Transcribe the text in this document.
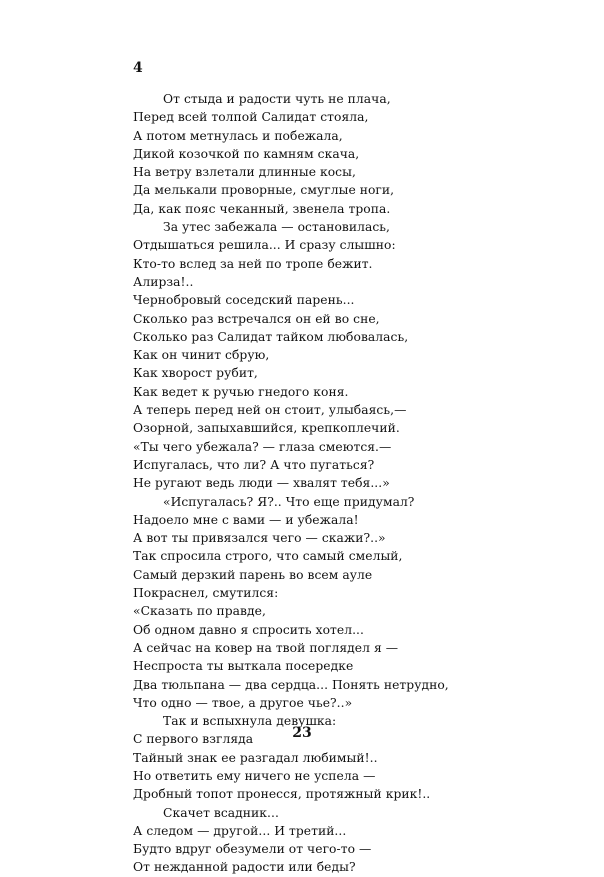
4
От стыда и радости чуть не плача,
Перед всей толпой Салидат стояла,
А потом метнулась и побежала,
Дикой козочкой по камням скача,
На ветру взлетали длинные косы,
Да мелькали проворные, смуглые ноги,
Да, как пояс чеканный, звенела тропа.
За утес забежала — остановилась,
Отдышаться решила... И сразу слышно:
Кто-то вслед за ней по тропе бежит.
Алирза!..
Чернобровый соседский парень...
Сколько раз встречался он ей во сне,
Сколько раз Салидат тайком любовалась,
Как он чинит сбрую,
Как хворост рубит,
Как ведет к ручью гнедого коня.
А теперь перед ней он стоит, улыбаясь,—
Озорной, запыхавшийся, крепкоплечий.
«Ты чего убежала? — глаза смеются.—
Испугалась, что ли? А что пугаться?
Не ругают ведь люди — хвалят тебя...»
«Испугалась? Я?.. Что еще придумал?
Надоело мне с вами — и убежала!
А вот ты привязался чего — скажи?..»
Так спросила строго, что самый смелый,
Самый дерзкий парень во всем ауле
Покраснел, смутился:
«Сказать по правде,
Об одном давно я спросить хотел...
А сейчас на ковер на твой поглядел я —
Неспроста ты выткала посередке
Два тюльпана — два сердца... Понять нетрудно,
Что одно — твое, а другое чье?..»
Так и вспыхнула девушка:
С первого взгляда
Тайный знак ее разгадал любимый!..
Но ответить ему ничего не успела —
Дробный топот пронесся, протяжный крик!..
Скачет всадник...
А следом — другой... И третий...
Будто вдруг обезумели от чего-то —
От нежданной радости или беды?
23
